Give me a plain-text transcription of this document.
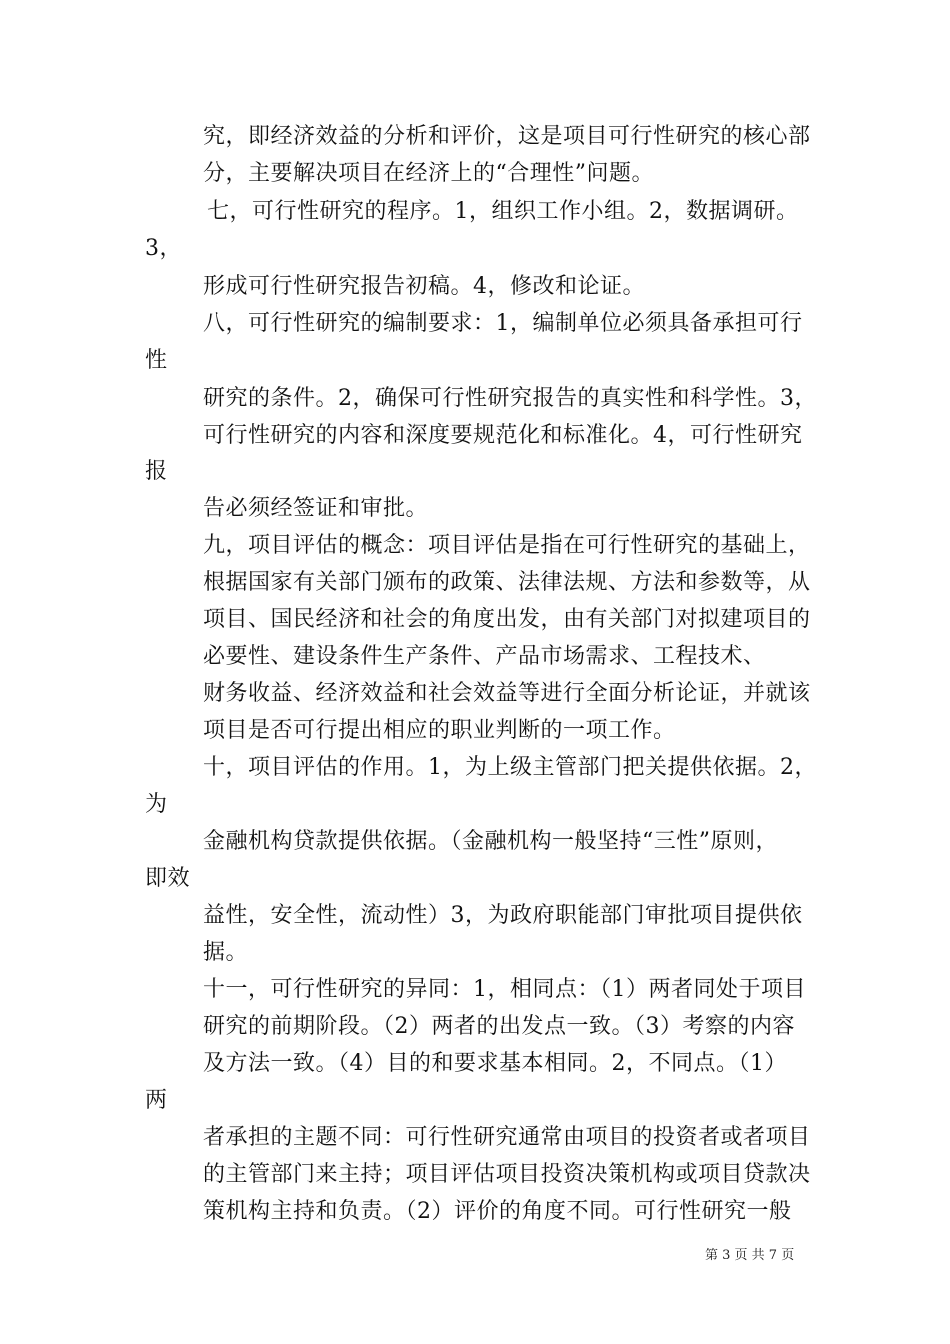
究，即经济效益的分析和评价，这是项目可行性研究的核心部
分，主要解决项目在经济上的“合理性”问题。
七，可行性研究的程序。1，组织工作小组。2，数据调研。
3，
形成可行性研究报告初稿。4，修改和论证。
八，可行性研究的编制要求：1，编制单位必须具备承担可行
性
研究的条件。2，确保可行性研究报告的真实性和科学性。3，
可行性研究的内容和深度要规范化和标准化。4，可行性研究
报
告必须经签证和审批。
九，项目评估的概念：项目评估是指在可行性研究的基础上，
根据国家有关部门颁布的政策、法律法规、方法和参数等，从
项目、国民经济和社会的角度出发，由有关部门对拟建项目的
必要性、建设条件生产条件、产品市场需求、工程技术、
财务收益、经济效益和社会效益等进行全面分析论证，并就该
项目是否可行提出相应的职业判断的一项工作。
十，项目评估的作用。1，为上级主管部门把关提供依据。2，
为
金融机构贷款提供依据。（金融机构一般坚持“三性”原则，
即效
益性，安全性，流动性）3，为政府职能部门审批项目提供依
据。
十一，可行性研究的异同：1，相同点：（1）两者同处于项目
研究的前期阶段。（2）两者的出发点一致。（3）考察的内容
及方法一致。（4）目的和要求基本相同。2，不同点。（1）
两
者承担的主题不同：可行性研究通常由项目的投资者或者项目
的主管部门来主持；项目评估项目投资决策机构或项目贷款决
策机构主持和负责。（2）评价的角度不同。可行性研究一般
第 3 页 共 7 页
